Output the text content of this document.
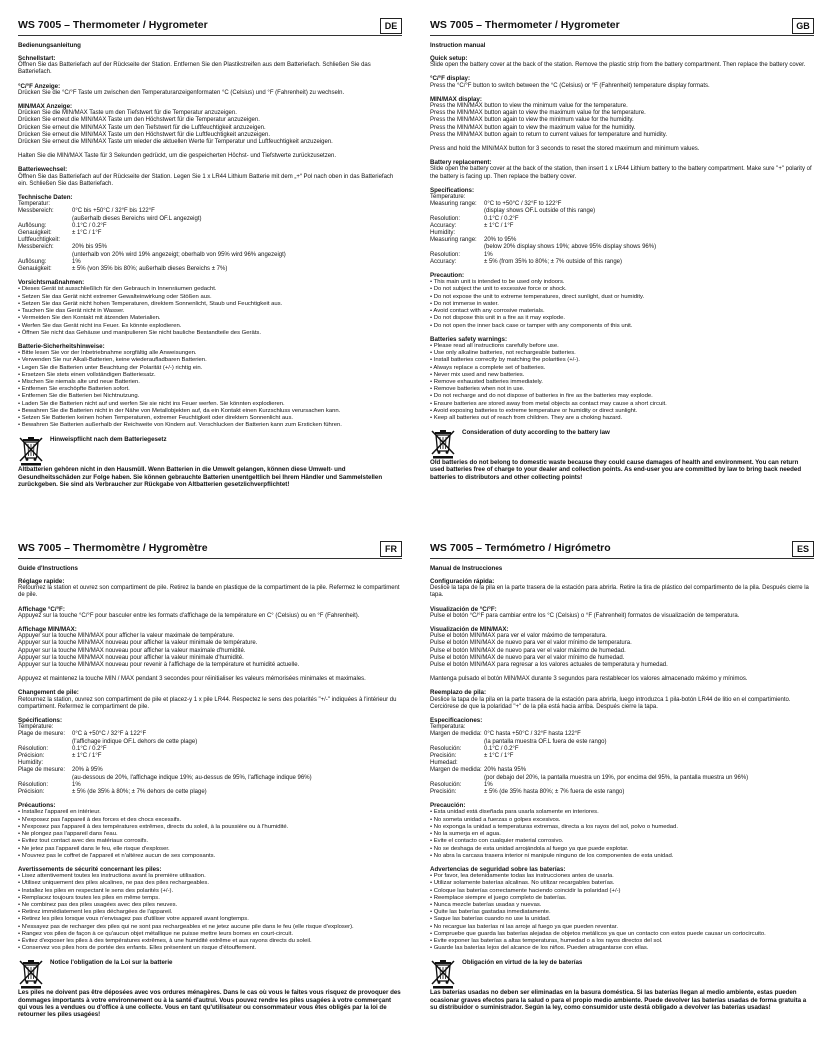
WS 7005 – Thermometer / Hygrometer	DE

Bedienungsanleitung

Schnellstart:

Öffnen Sie das Batteriefach auf der Rückseite der Station. Entfernen Sie den Plastikstreifen aus dem Batteriefach. Schließen Sie das Batteriefach.

°C/°F Anzeige:

Drücken Sie die °C/°F Taste um zwischen den Temperaturanzeigenformaten °C (Celsius) und °F (Fahrenheit) zu wechseln.

MIN/MAX Anzeige:

Drücken Sie die MIN/MAX Taste um den Tiefstwert für die Temperatur anzuzeigen.

Drücken Sie erneut die MIN/MAX Taste um den Höchstwert für die Temperatur anzuzeigen.

Drücken Sie erneut die MIN/MAX Taste um den Tiefstwert für die Luftfeuchtigkeit anzuzeigen.

Drücken Sie erneut die MIN/MAX Taste um den Höchstwert für die Luftfeuchtigkeit anzuzeigen.

Drücken Sie erneut die MIN/MAX Taste um wieder die aktuellen Werte für Temperatur und Luftfeuchtigkeit anzuzeigen.

Halten Sie die MIN/MAX Taste für 3 Sekunden gedrückt, um die gespeicherten Höchst- und Tiefstwerte zurückzusetzen.

Batteriewechsel:

Öffnen Sie das Batteriefach auf der Rückseite der Station. Legen Sie 1 x LR44 Lithium Batterie mit dem „+“ Pol nach oben in das Batteriefach ein. Schließen Sie das Batteriefach.

Technische Daten:

Temperatur:
Messbereich:	0°C bis +50°C / 32°F bis 122°F
(außerhalb dieses Bereichs wird OF.L angezeigt)
Auflösung:	0.1°C / 0.2°F
Genauigkeit:	± 1°C / 1°F
Luftfeuchtigkeit:
Messbereich:	20% bis 95%
(unterhalb von 20% wird 19% angezeigt; oberhalb von 95% wird 96% angezeigt)
Auflösung:	1%
Genauigkeit:	± 5% (von 35% bis 80%; außerhalb dieses Bereichs ± 7%)

Vorsichtsmaßnahmen:

• Dieses Gerät ist ausschließlich für den Gebrauch in Innenräumen gedacht.
• Setzen Sie das Gerät nicht extremer Gewalteinwirkung oder Stößen aus.
• Setzen Sie das Gerät nicht hohen Temperaturen, direktem Sonnenlicht, Staub und Feuchtigkeit aus.
• Tauchen Sie das Gerät nicht in Wasser.
• Vermeiden Sie den Kontakt mit ätzenden Materialien.
• Werfen Sie das Gerät nicht ins Feuer. Es könnte explodieren.
• Öffnen Sie nicht das Gehäuse und manipulieren Sie nicht bauliche Bestandteile des Geräts.

Batterie-Sicherheitshinweise:

• Bitte lesen Sie vor der Inbetriebnahme sorgfältig alle Anweisungen.
• Verwenden Sie nur Alkali-Batterien, keine wiederaufladbaren Batterien.
• Legen Sie die Batterien unter Beachtung der Polarität (+/-) richtig ein.
• Ersetzen Sie stets einen vollständigen Batteriesatz.
• Mischen Sie niemals alte und neue Batterien.
• Entfernen Sie erschöpfte Batterien sofort.
• Entfernen Sie die Batterien bei Nichtnutzung.
• Laden Sie die Batterien nicht auf und werfen Sie sie nicht ins Feuer werfen. Sie könnten explodieren.
• Bewahren Sie die Batterien nicht in der Nähe von Metallobjekten auf, da ein Kontakt einen Kurzschluss verursachen kann.
• Setzen Sie Batterien keinen hohen Temperaturen, extremer Feuchtigkeit oder direktem Sonnenlicht aus.
• Bewahren Sie Batterien außerhalb der Reichweite von Kindern auf. Verschlucken der Batterien kann zum Ersticken führen.
Hinweispflicht nach dem Batteriegesetz
Altbatterien gehören nicht in den Hausmüll. Wenn Batterien in die Umwelt gelangen, können diese Umwelt- und Gesundheitsschäden zur Folge haben. Sie können gebrauchte Batterien unentgeltlich bei Ihrem Händler und Sammelstellen zurückgeben. Sie sind als Verbraucher zur Rückgabe von Altbatterien gesetzlichverpflichtet!
WS 7005 – Thermometer / Hygrometer	GB

Instruction manual

Quick setup:

Slide open the battery cover at the back of the station. Remove the plastic strip from the battery compartment. Then replace the battery cover.

°C/°F display:

Press the °C/°F button to switch between the °C (Celsius) or °F (Fahrenheit) temperature display formats.

MIN/MAX display:

Press the MIN/MAX button to view the minimum value for the temperature.

Press the MIN/MAX button again to view the maximum value for the temperature.

Press the MIN/MAX button again to view the minimum value for the humidity.

Press the MIN/MAX button again to view the maximum value for the humidity.

Press the MIN/MAX button again to return to current values for temperature and humidity.

Press and hold the MIN/MAX button for 3 seconds to reset the stored maximum and minimum values.

Battery replacement:

Slide open the battery cover at the back of the station, then insert 1 x LR44 Lithium battery to the battery compartment. Make sure "+" polarity of the battery is facing up. Then replace the battery cover.

Specifications:

Temperature:
Measuring range:	0°C to +50°C / 32°F to 122°F
(display shows OF.L outside of this range)
Resolution:	0.1°C / 0.2°F
Accuracy:	± 1°C / 1°F
Humidity:
Measuring range:	20% to 95%
(below 20% display shows 19%; above 95% display shows 96%)
Resolution:	1%
Accuracy:	± 5% (from 35% to 80%; ± 7% outside of this range)

Precaution:

• This main unit is intended to be used only indoors.
• Do not subject the unit to excessive force or shock.
• Do not expose the unit to extreme temperatures, direct sunlight, dust or humidity.
• Do not immerse in water.
• Avoid contact with any corrosive materials.
• Do not dispose this unit in a fire as it may explode.
• Do not open the inner back case or tamper with any components of this unit.

Batteries safety warnings:

• Please read all instructions carefully before use.
• Use only alkaline batteries, not rechargeable batteries.
• Install batteries correctly by matching the polarities (+/-).
• Always replace a complete set of batteries.
• Never mix used and new batteries.
• Remove exhausted batteries immediately.
• Remove batteries when not in use.
• Do not recharge and do not dispose of batteries in fire as the batteries may explode.
• Ensure batteries are stored away from metal objects as contact may cause a short circuit.
• Avoid exposing batteries to extreme temperature or humidity or direct sunlight.
• Keep all batteries out of reach from children. They are a choking hazard.
Consideration of duty according to the battery law
Old batteries do not belong to domestic waste because they could cause damages of health and environment. You can return used batteries free of charge to your dealer and collection points. As end-user you are committed by law to bring back needed batteries to distributors and other collecting points!
WS 7005 – Thermomètre / Hygromètre	FR

Guide d'Instructions

Réglage rapide:

Retournez la station et ouvrez son compartiment de pile. Retirez la bande en plastique de la compartiment de la pile. Refermez le compartiment de pile.

Affichage °C/°F:

Appuyez sur la touche °C/°F pour basculer entre les formats d'affichage de la température en C° (Celsius) ou en °F (Fahrenheit).

Affichage MIN/MAX:

Appuyer sur la touche MIN/MAX pour afficher la valeur maximale de température.

Appuyer sur la touche MIN/MAX nouveau pour afficher la valeur minimale de température.

Appuyer sur la touche MIN/MAX nouveau pour afficher la valeur maximale d'humidité.

Appuyer sur la touche MIN/MAX nouveau pour afficher la valeur minimale d'humidité.

Appuyer sur la touche MIN/MAX nouveau pour revenir à l'affichage de la température et humidité actuelle.

Appuyez et maintenez la touche MIN / MAX pendant 3 secondes pour réinitialiser les valeurs mémorisées minimales et maximales.

Changement de pile:

Retournez la station, ouvrez son compartiment de pile et placez-y 1 x pile LR44. Respectez le sens des polarités "+/-" indiquées à l'intérieur du compartiment. Refermez le compartiment de pile.

Spécifications:

Température:
Plage de mesure:	0°C à +50°C / 32°F à 122°F
(l'affichage indique OF.L dehors de cette plage)
Résolution:	0.1°C / 0.2°F
Précision:	± 1°C / 1°F
Humidity:
Plage de mesure:	20% à 95%
(au-dessous de 20%, l'affichage indique 19%; au-dessus de 95%, l'affichage indique 96%)
Résolution:	1%
Précision:	± 5% (de 35% à 80%; ± 7% dehors de cette plage)

Précautions:

• Installez l'appareil en intérieur.
• N'exposez pas l'appareil à des forces et des chocs excessifs.
• N'exposez pas l'appareil à des températures extrêmes, directs du soleil, à la poussière ou à l'humidité.
• Ne plongez pas l'appareil dans l'eau.
• Evitez tout contact avec des matériaux corrosifs.
• Ne jetez pas l'appareil dans le feu, elle risque d'exploser.
• N'ouvrez pas le coffret de l'appareil et n'altérez aucun de ses composants.

Avertissements de sécurité concernant les piles:

• Lisez attentivement toutes les instructions avant la première utilisation.
• Utilisez uniquement des piles alcalines, ne pas des piles rechargeables.
• Installez les piles en respectant le sens des polarités (+/-).
• Remplacez toujours toutes les piles en même temps.
• Ne combinez pas des piles usagées avec des piles neuves.
• Retirez immédiatement les piles déchargées de l'appareil.
• Retirez les piles lorsque vous n'envisagez pas d'utiliser votre appareil avant longtemps.
• N'essayez pas de recharger des piles qui ne sont pas rechargeables et ne jetez aucune pile dans le feu (elle risque d'exploser).
• Rangez vos piles de façon à ce qu'aucun objet métallique ne puisse mettre leurs bornes en court-circuit.
• Évitez d'exposer les piles à des températures extrêmes, à une humidité extrême et aux rayons directs du soleil.
• Conservez vos piles hors de portée des enfants. Elles présentent un risque d'étouffement.
Notice l'obligation de la Loi sur la batterie
Les piles ne doivent pas être déposées avec vos ordures ménagères. Dans le cas où vous le faites vous risquez de provoquer des dommages importants à votre environnement ou à la santé d'autrui. Vous pouvez rendre les piles usagées à votre commerçant qui vous les a vendues ou d'office à une collecte. Vous en tant qu'utilisateur ou consommateur vous êtes obligés par la loi de retourner les piles usagées!
WS 7005 – Termómetro / Higrómetro	ES

Manual de Instrucciones

Configuración rápida:

Deslice la tapa de la pila en la parte trasera de la estación para abrirla. Retire la tira de plástico del compartimento de la pila. Después cierre la tapa.

Visualización de °C/°F:

Pulse el botón °C/°F para cambiar entre los °C (Celsius) o °F (Fahrenheit) formatos de visualización de temperatura.

Visualización de MIN/MAX:

Pulse el botón MIN/MAX para ver el valor máximo de temperatura.

Pulse el botón MIN/MAX de nuevo para ver el valor mínimo de temperatura.

Pulse el botón MIN/MAX de nuevo para ver el valor máximo de humedad.

Pulse el botón MIN/MAX de nuevo para ver el valor mínimo de humedad.

Pulse el botón MIN/MAX para regresar a los valores actuales de temperatura y humedad.

Mantenga pulsado el botón MIN/MAX durante 3 segundos para restablecer los valores almacenado máximo y mínimos.

Reemplazo de pila:

Deslice la tapa de la pila en la parte trasera de la estación para abrirla, luego introduzca 1 pila-botón LR44 de litio en el compartimiento. Cerciórese de que la polaridad "+" de la pila está hacia arriba. Después cierre la tapa.

Especificaciones:

Temperatura:
Margen de medida: 0°C hasta +50°C / 32°F hasta 122°F
(la pantalla muestra OF.L fuera de este rango)
Resolución:	0.1°C / 0.2°F
Precisión:	± 1°C / 1°F
Humedad:
Margen de medida: 20% hasta 95%
(por debajo del 20%, la pantalla muestra un 19%, por encima del 95%, la pantalla muestra un 96%)
Resolución:	1%
Precisión:	± 5% (de 35% hasta 80%; ± 7% fuera de este rango)

Precaución:

• Esta unidad está diseñada para usarla solamente en interiores.
• No someta unidad a fuerzas o golpes excesivos.
• No exponga la unidad a temperaturas extremas, directa a los rayos del sol, polvo o humedad.
• No la sumerja en el agua.
• Evite el contacto con cualquier material corrosivo.
• No se deshaga de esta unidad arrojándola al fuego ya que puede explotar.
• No abra la carcasa trasera interior ni manipule ninguno de los componentes de esta unidad.

Advertencias de seguridad sobre las baterías:

• Por favor, lea detenidamente todas las instrucciones antes de usarla.
• Utilizar solamente baterías alcalinas. No utilizar recargables baterías.
• Coloque las baterías correctamente haciendo coincidir la polaridad (+/-)
• Reemplace siempre el juego completo de baterías.
• Nunca mezcle baterías usadas y nuevas.
• Quite las baterías gastadas inmediatamente.
• Saque las baterías cuando no use la unidad.
• No recargue las baterías ni las arroje al fuego ya que pueden reventar.
• Compruebe que guarda las baterías alejadas de objetos metálicos ya que un contacto con estos puede causar un cortocircuito.
• Evite exponer las baterías a altas temperaturas, humedad o a los rayos directos del sol.
• Guarde las baterías lejos del alcance de los niños. Pueden atragantarse con ellas.
Obligación en virtud de la ley de baterías
Las baterías usadas no deben ser eliminadas en la basura doméstica. Si las baterías llegan al medio ambiente, estas pueden ocasionar graves efectos para la salud o para el propio medio ambiente. Puede devolver las baterías usadas de forma gratuita a su distribuidor o suministrador. Según la ley, como consumidor uste destá obligado a devolver las baterías usadas!
